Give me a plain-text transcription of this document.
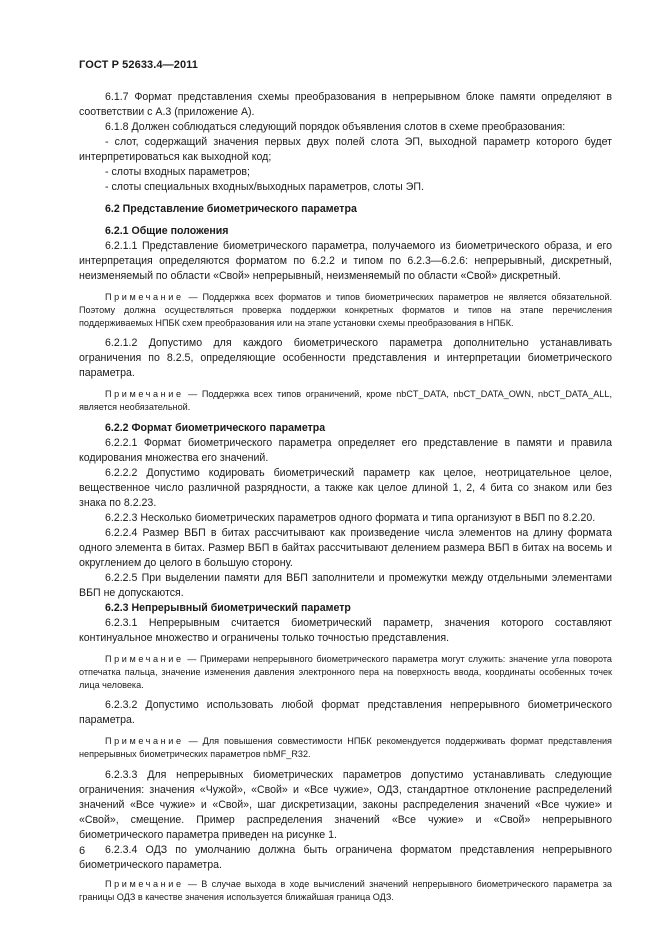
ГОСТ Р 52633.4—2011

6.1.7 Формат представления схемы преобразования в непрерывном блоке памяти определяют в соответствии с А.3 (приложение А).

6.1.8 Должен соблюдаться следующий порядок объявления слотов в схеме преобразования:

- слот, содержащий значения первых двух полей слота ЭП, выходной параметр которого будет интерпретироваться как выходной код;

- слоты входных параметров;

- слоты специальных входных/выходных параметров, слоты ЭП.

6.2 Представление биометрического параметра

6.2.1 Общие положения

6.2.1.1 Представление биометрического параметра, получаемого из биометрического образа, и его интерпретация определяются форматом по 6.2.2 и типом по 6.2.3—6.2.6: непрерывный, дискретный, неизменяемый по области «Свой» непрерывный, неизменяемый по области «Свой» дискретный.

Примечание — Поддержка всех форматов и типов биометрических параметров не является обязательной. Поэтому должна осуществляться проверка поддержки конкретных форматов и типов на этапе перечисления поддерживаемых НПБК схем преобразования или на этапе установки схемы преобразования в НПБК.

6.2.1.2 Допустимо для каждого биометрического параметра дополнительно устанавливать ограничения по 8.2.5, определяющие особенности представления и интерпретации биометрического параметра.

Примечание — Поддержка всех типов ограничений, кроме nbCT_DATA, nbCT_DATA_OWN, nbCT_DATA_ALL, является необязательной.

6.2.2 Формат биометрического параметра

6.2.2.1 Формат биометрического параметра определяет его представление в памяти и правила кодирования множества его значений.

6.2.2.2 Допустимо кодировать биометрический параметр как целое, неотрицательное целое, вещественное число различной разрядности, а также как целое длиной 1, 2, 4 бита со знаком или без знака по 8.2.23.

6.2.2.3 Несколько биометрических параметров одного формата и типа организуют в ВБП по 8.2.20.

6.2.2.4 Размер ВБП в битах рассчитывают как произведение числа элементов на длину формата одного элемента в битах. Размер ВБП в байтах рассчитывают делением размера ВБП в битах на восемь и округлением до целого в большую сторону.

6.2.2.5 При выделении памяти для ВБП заполнители и промежутки между отдельными элементами ВБП не допускаются.

6.2.3 Непрерывный биометрический параметр

6.2.3.1 Непрерывным считается биометрический параметр, значения которого составляют континуальное множество и ограничены только точностью представления.

Примечание — Примерами непрерывного биометрического параметра могут служить: значение угла поворота отпечатка пальца, значение изменения давления электронного пера на поверхность ввода, координаты особенных точек лица человека.

6.2.3.2 Допустимо использовать любой формат представления непрерывного биометрического параметра.

Примечание — Для повышения совместимости НПБК рекомендуется поддерживать формат представления непрерывных биометрических параметров nbMF_R32.

6.2.3.3 Для непрерывных биометрических параметров допустимо устанавливать следующие ограничения: значения «Чужой», «Свой» и «Все чужие», ОДЗ, стандартное отклонение распределений значений «Все чужие» и «Свой», шаг дискретизации, законы распределения значений «Все чужие» и «Свой», смещение. Пример распределения значений «Все чужие» и «Свой» непрерывного биометрического параметра приведен на рисунке 1.

6.2.3.4 ОДЗ по умолчанию должна быть ограничена форматом представления непрерывного биометрического параметра.

Примечание — В случае выхода в ходе вычислений значений непрерывного биометрического параметра за границы ОДЗ в качестве значения используется ближайшая граница ОДЗ.

6
